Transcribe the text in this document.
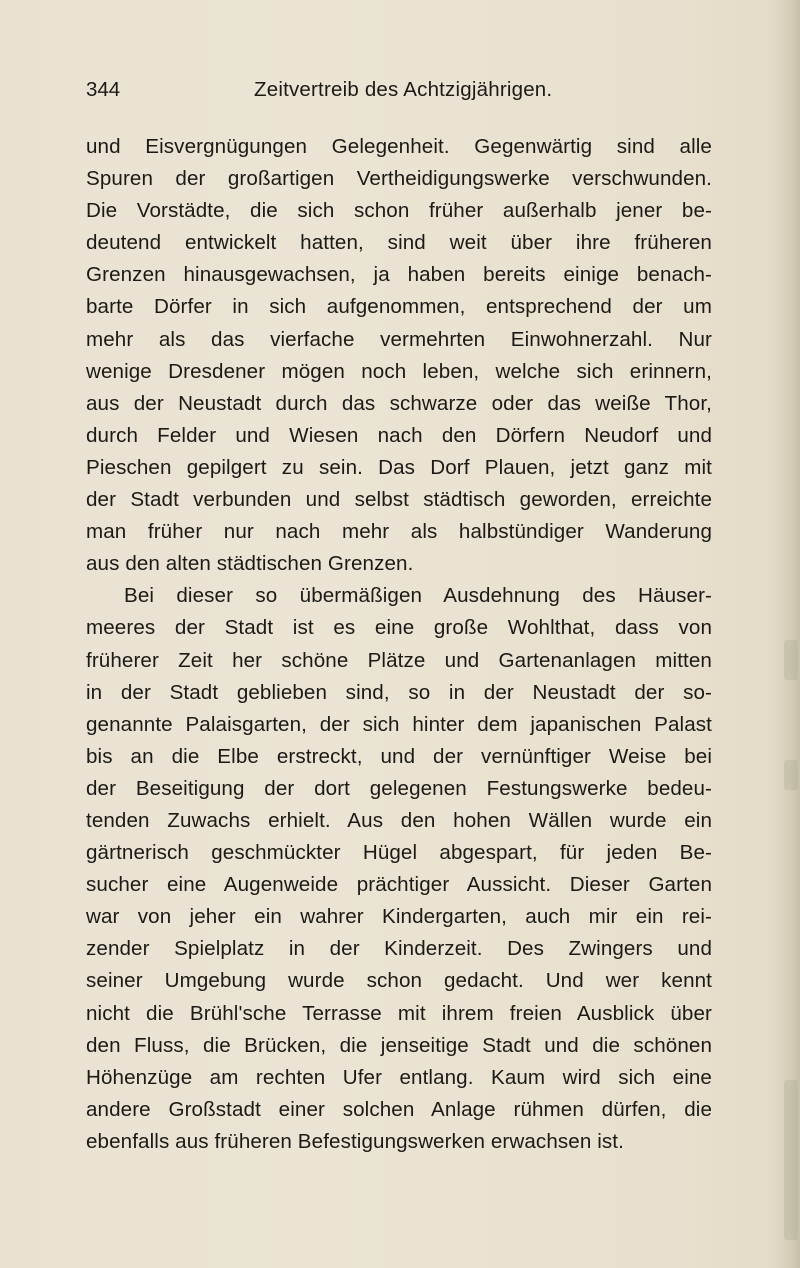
344	Zeitvertreib des Achtzigjährigen.
und Eisvergnügungen Gelegenheit. Gegenwärtig sind alle
Spuren der großartigen Vertheidigungswerke verschwunden.
Die Vorstädte, die sich schon früher außerhalb jener be-
deutend entwickelt hatten, sind weit über ihre früheren
Grenzen hinausgewachsen, ja haben bereits einige benach-
barte Dörfer in sich aufgenommen, entsprechend der um
mehr als das vierfache vermehrten Einwohnerzahl. Nur
wenige Dresdener mögen noch leben, welche sich erinnern,
aus der Neustadt durch das schwarze oder das weiße Thor,
durch Felder und Wiesen nach den Dörfern Neudorf und
Pieschen gepilgert zu sein. Das Dorf Plauen, jetzt ganz mit
der Stadt verbunden und selbst städtisch geworden, erreichte
man früher nur nach mehr als halbstündiger Wanderung
aus den alten städtischen Grenzen.
Bei dieser so übermäßigen Ausdehnung des Häuser-
meeres der Stadt ist es eine große Wohlthat, dass von
früherer Zeit her schöne Plätze und Gartenanlagen mitten
in der Stadt geblieben sind, so in der Neustadt der so-
genannte Palaisgarten, der sich hinter dem japanischen Palast
bis an die Elbe erstreckt, und der vernünftiger Weise bei
der Beseitigung der dort gelegenen Festungswerke bedeu-
tenden Zuwachs erhielt. Aus den hohen Wällen wurde ein
gärtnerisch geschmückter Hügel abgespart, für jeden Be-
sucher eine Augenweide prächtiger Aussicht. Dieser Garten
war von jeher ein wahrer Kindergarten, auch mir ein rei-
zender Spielplatz in der Kinderzeit. Des Zwingers und
seiner Umgebung wurde schon gedacht. Und wer kennt
nicht die Brühl'sche Terrasse mit ihrem freien Ausblick über
den Fluss, die Brücken, die jenseitige Stadt und die schönen
Höhenzüge am rechten Ufer entlang. Kaum wird sich eine
andere Großstadt einer solchen Anlage rühmen dürfen, die
ebenfalls aus früheren Befestigungswerken erwachsen ist.
